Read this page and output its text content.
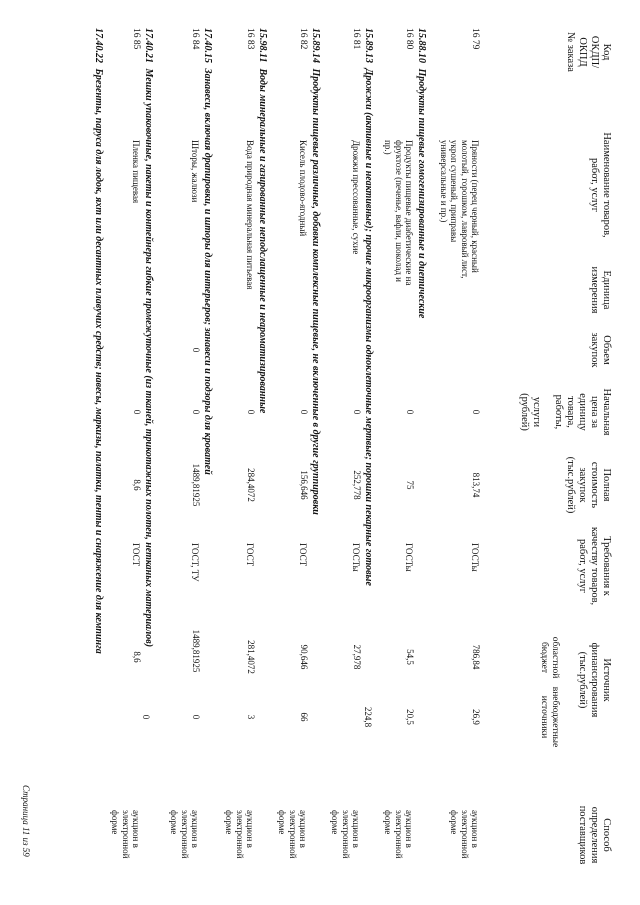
Код
ОКДП/
ОКПД
№ заказа
Наименование товаров,
работ, услуг
Единица
измерения
Объем
закупок
Начальная
цена за
единицу
товара,
работы,
услуги
(рублей)
Полная
стоимость
закупок
(тыс.рублей)
Требования к
качеству товаров,
работ, услуг
Источник
финансирования
(тыс.рублей)
областной
бюджет
внебюджетные
источники
Способ
определения
поставщиков
16 79
Пряности (перец черный, красный
молотый, горошком, лавровый лист,
укроп сушеный, приправы
универсальные и пр.)
0
813,74
ГОСТы
786,84
26,9
аукцион в
электронной
форме
15.88.10 Продукты пищевые гомогенизированные и диетические
16 80
Продукты пищевые диабетические на
фруктозе (печенье, вафли, шоколад и
пр.)
0
75
ГОСТы
54,5
20,5
аукцион в
электронной
форме
15.89.13 Дрожжи (активные и неактивные); прочие микроорганизмы одноклеточные мертвые; порошки пекарные готовые
16 81
Дрожжи прессованные, сухие
0
252,778
ГОСТы
27,978
224,8
аукцион в
электронной
форме
15.89.14 Продукты пищевые различные, добавки комплексные пищевые, не включенные в другие группировки
16 82
Кисель плодово-ягодный
0
156,646
ГОСТ
90,646
66
аукцион в
электронной
форме
15.98.11 Воды минеральные и газированные неподслащенные и неароматизированные
16 83
Вода природная минеральная питьевая
0
284,4072
ГОСТ
281,4072
3
аукцион в
электронной
форме
17.40.15 Занавеси, включая драпировки, и шторы для интерьеров; занавеси и подзоры для кроватей
16 84
Шторы, жалюзи
0
0
1489,81925
ГОСТ, ТУ
1489,81925
0
аукцион в
электронной
форме
17.40.21 Мешки упаковочные, пакеты и контейнеры гибкие промежуточные (из тканей, трикотажных полотен, нетканых материалов)
16 85
Пленка пищевая
0
8,6
ГОСТ
8,6
0
аукцион в
электронной
форме
17.40.22 Брезенты, паруса для лодок, яхт или десантных плавучих средств; навесы, маркизы, палатки, тенты и снаряжение для кемпинга
Страница 11 из 59
